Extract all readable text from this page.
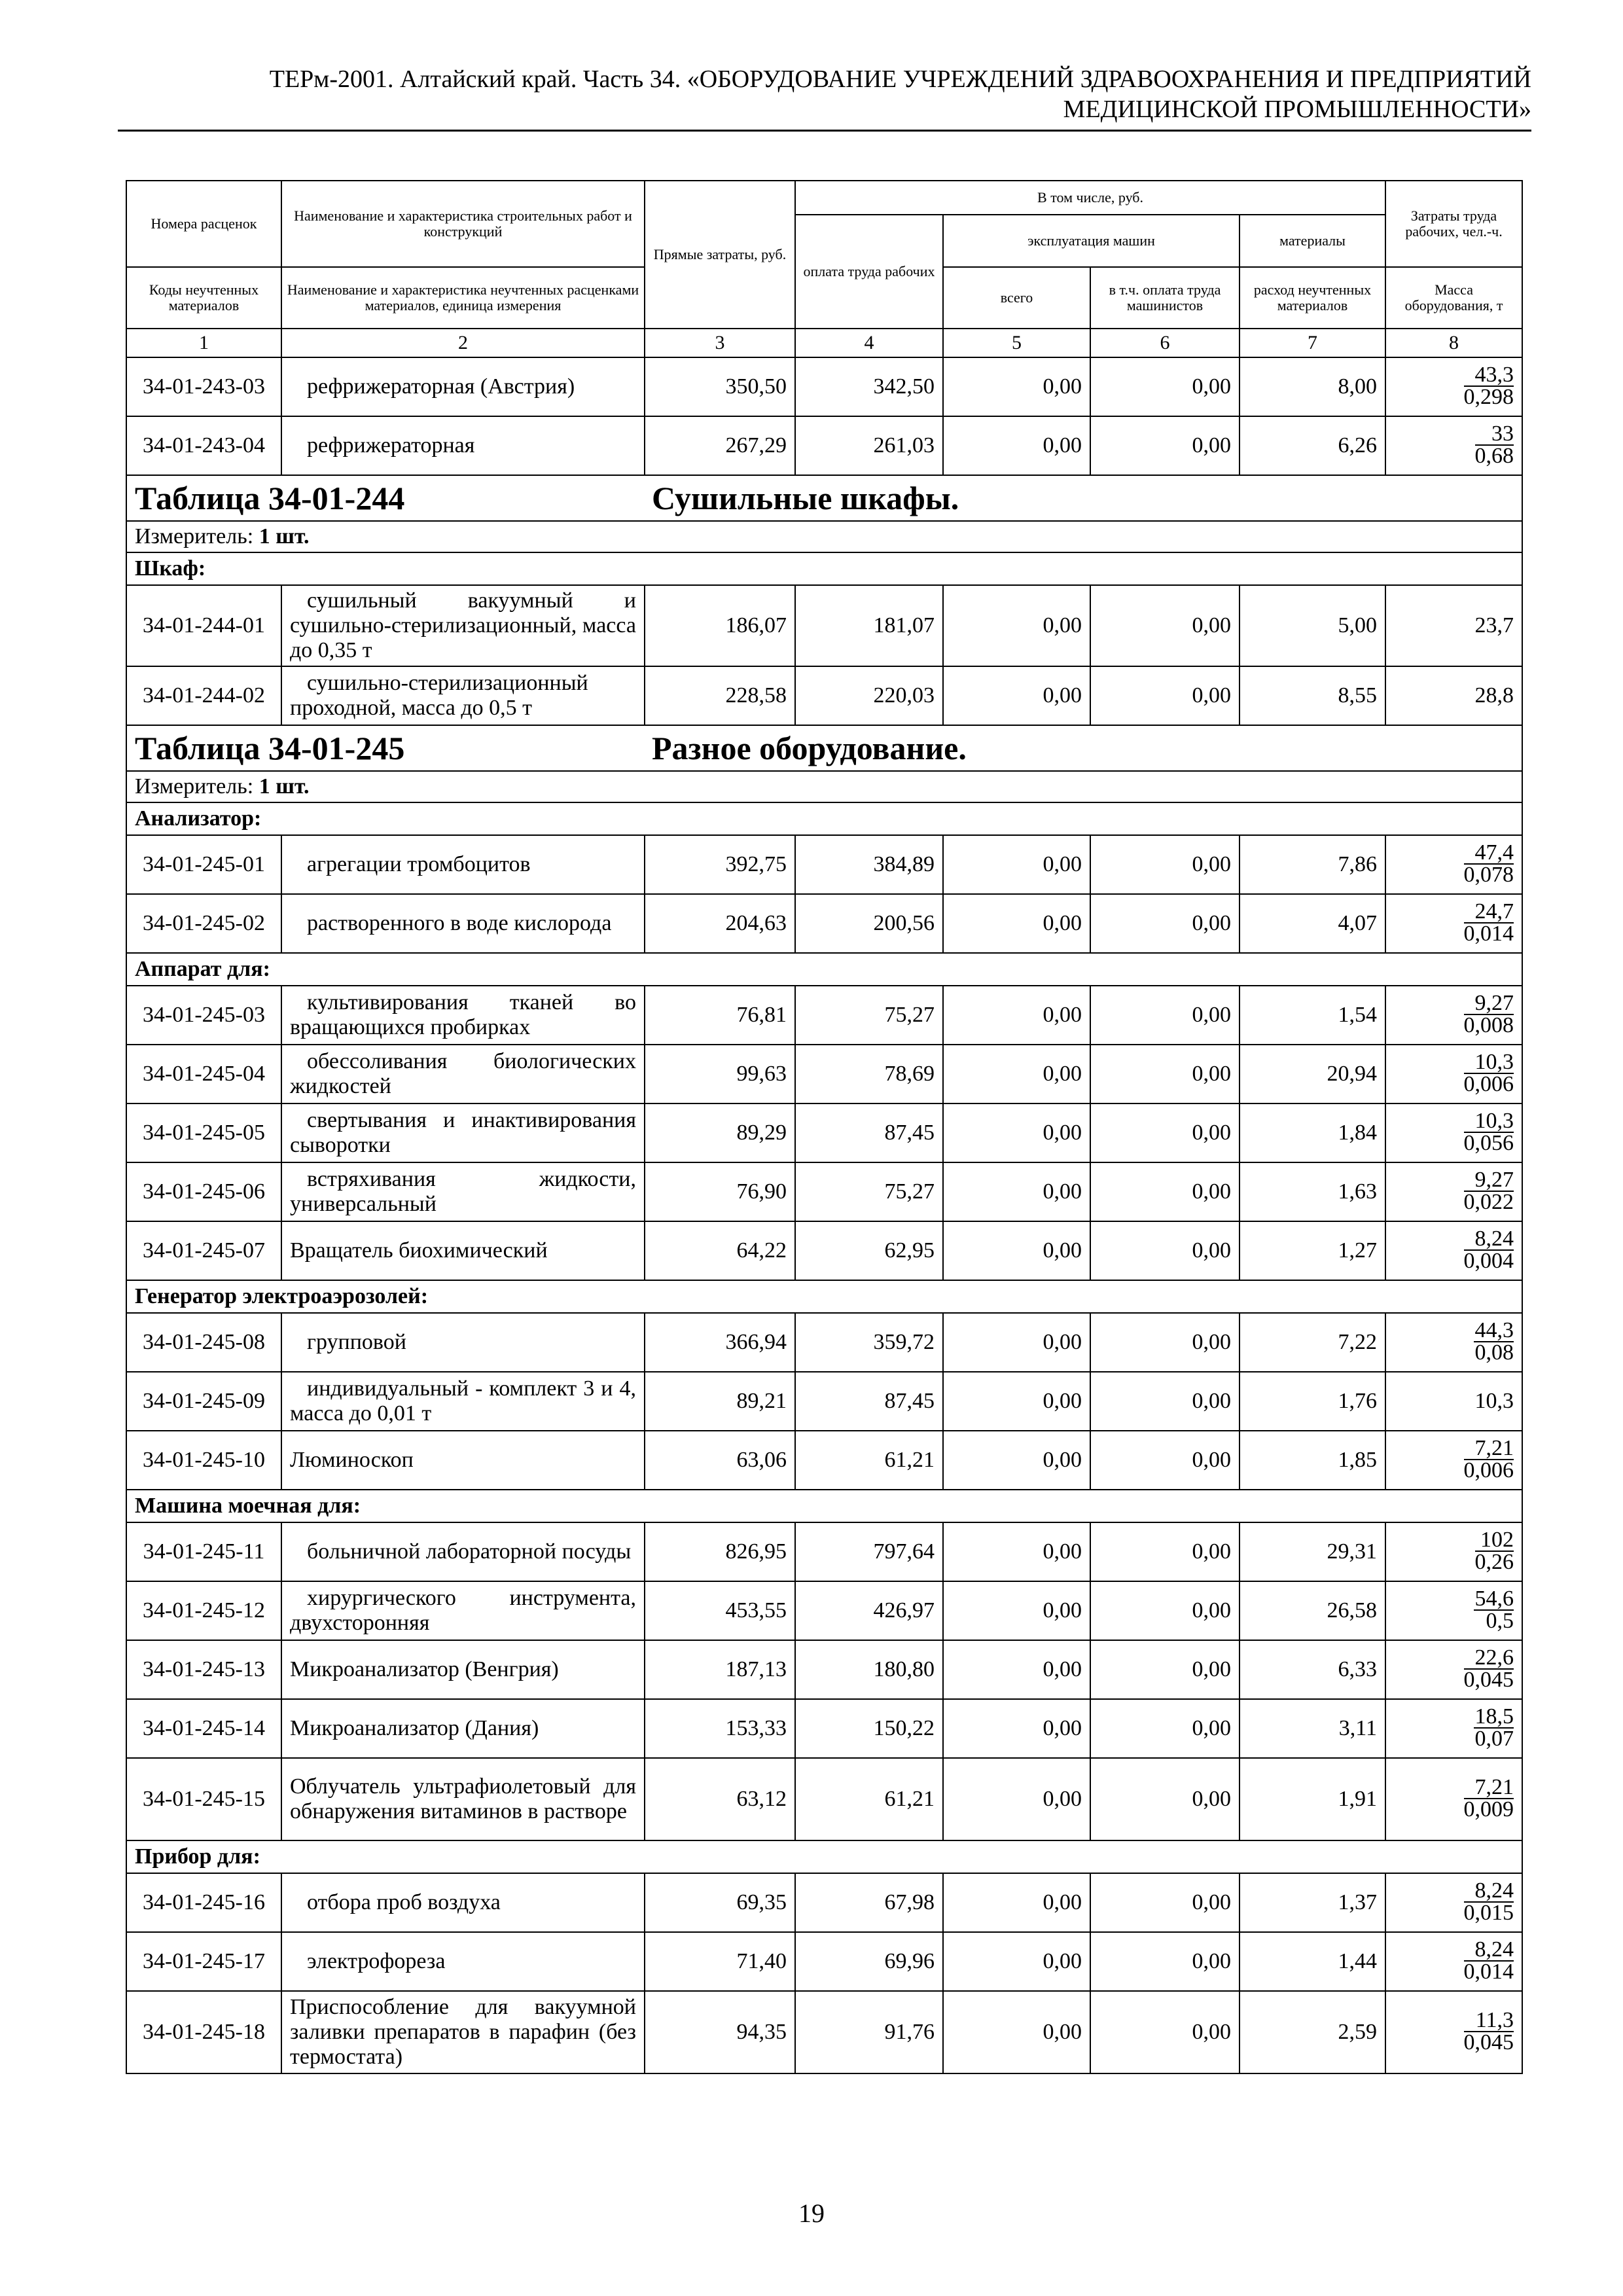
ТЕРм-2001. Алтайский край. Часть 34. «ОБОРУДОВАНИЕ УЧРЕЖДЕНИЙ ЗДРАВООХРАНЕНИЯ И ПРЕДПРИЯТИЙ
МЕДИЦИНСКОЙ ПРОМЫШЛЕННОСТИ»
Номера расценок	Наименование и характеристика строительных работ и конструкций	Прямые затраты, руб.	В том числе, руб.				Затраты труда рабочих, чел.-ч.
			оплата труда рабочих	эксплуатация машин		материалы	
Коды неучтенных материалов	Наименование и характеристика неучтенных расценками материалов, единица измерения			всего	в т.ч. оплата труда машинистов	расход неучтенных материалов	Масса оборудования, т
1	2	3	4	5	6	7	8
34-01-243-03	рефрижераторная (Австрия)	350,50	342,50	0,00	0,00	8,00	$\frac{43,3}{0,298}$

34-01-243-04	рефрижераторная	267,29	261,03	0,00	0,00	6,26	$\frac{33}{0,68}$

Таблица 34-01-244 Сушильные шкафы.							
Измеритель: 1 шт.							
Шкаф:							
34-01-244-01	сушильный вакуумный и сушильно-стерилизационный, масса до 0,35 т	186,07	181,07	0,00	0,00	5,00	23,7
34-01-244-02	сушильно-стерилизационный проходной, масса до 0,5 т	228,58	220,03	0,00	0,00	8,55	28,8
Таблица 34-01-245 Разное оборудование.							
Измеритель: 1 шт.							
Анализатор:							
34-01-245-01	агрегации тромбоцитов	392,75	384,89	0,00	0,00	7,86	$\frac{47,4}{0,078}$

34-01-245-02	растворенного в воде кислорода	204,63	200,56	0,00	0,00	4,07	$\frac{24,7}{0,014}$

Аппарат для:							
34-01-245-03	культивирования тканей во вращающихся пробирках	76,81	75,27	0,00	0,00	1,54	$\frac{9,27}{0,008}$

34-01-245-04	обессоливания биологических жидкостей	99,63	78,69	0,00	0,00	20,94	$\frac{10,3}{0,006}$

34-01-245-05	свертывания и инактивирования сыворотки	89,29	87,45	0,00	0,00	1,84	$\frac{10,3}{0,056}$

34-01-245-06	встряхивания жидкости, универсальный	76,90	75,27	0,00	0,00	1,63	$\frac{9,27}{0,022}$

34-01-245-07	Вращатель биохимический	64,22	62,95	0,00	0,00	1,27	$\frac{8,24}{0,004}$

Генератор электроаэрозолей:							
34-01-245-08	групповой	366,94	359,72	0,00	0,00	7,22	$\frac{44,3}{0,08}$

34-01-245-09	индивидуальный - комплект 3 и 4, масса до 0,01 т	89,21	87,45	0,00	0,00	1,76	10,3
34-01-245-10	Люминоскоп	63,06	61,21	0,00	0,00	1,85	$\frac{7,21}{0,006}$

Машина моечная для:							
34-01-245-11	больничной лабораторной посуды	826,95	797,64	0,00	0,00	29,31	$\frac{102}{0,26}$

34-01-245-12	хирургического инструмента, двухсторонняя	453,55	426,97	0,00	0,00	26,58	$\frac{54,6}{0,5}$

34-01-245-13	Микроанализатор (Венгрия)	187,13	180,80	0,00	0,00	6,33	$\frac{22,6}{0,045}$

34-01-245-14	Микроанализатор (Дания)	153,33	150,22	0,00	0,00	3,11	$\frac{18,5}{0,07}$

34-01-245-15	Облучатель ультрафиолетовый для обнаружения витаминов в растворе	63,12	61,21	0,00	0,00	1,91	$\frac{7,21}{0,009}$

Прибор для:							
34-01-245-16	отбора проб воздуха	69,35	67,98	0,00	0,00	1,37	$\frac{8,24}{0,015}$

34-01-245-17	электрофореза	71,40	69,96	0,00	0,00	1,44	$\frac{8,24}{0,014}$

34-01-245-18	Приспособление для вакуумной заливки препаратов в парафин (без термостата)	94,35	91,76	0,00	0,00	2,59	$\frac{11,3}{0,045}$
19
